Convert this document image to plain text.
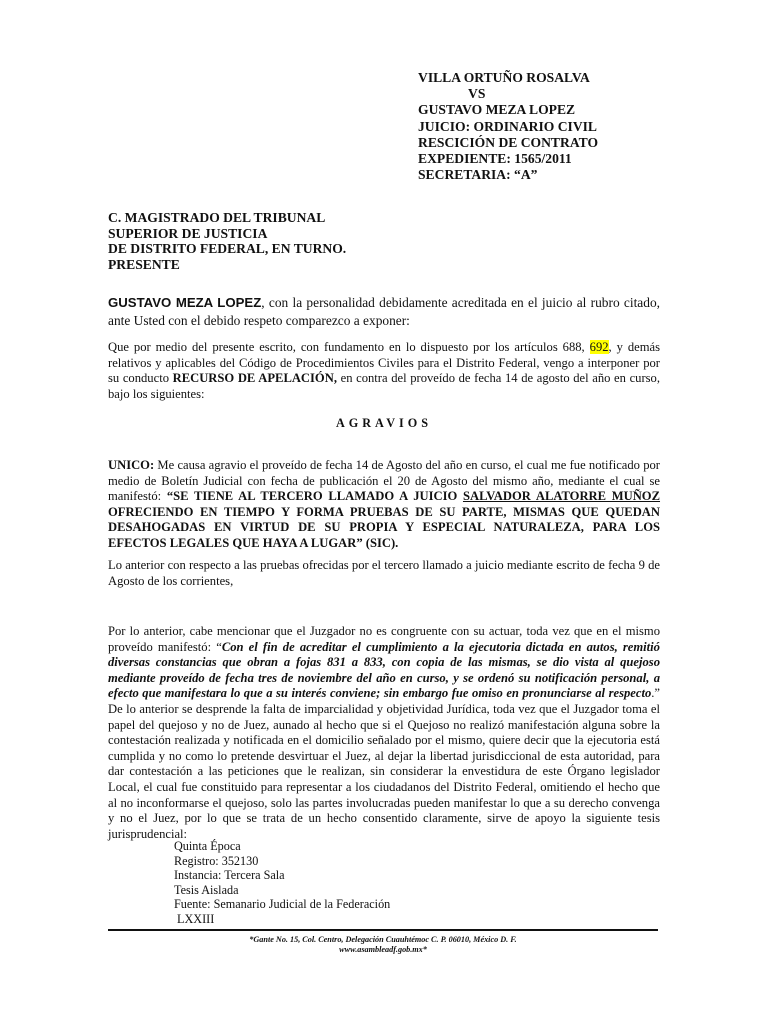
VILLA ORTUÑO ROSALVA
VS
GUSTAVO MEZA LOPEZ
JUICIO: ORDINARIO CIVIL
RESCICIÓN DE CONTRATO
EXPEDIENTE: 1565/2011
SECRETARIA: “A”
C. MAGISTRADO DEL TRIBUNAL
SUPERIOR DE JUSTICIA
DE DISTRITO FEDERAL, EN TURNO.
PRESENTE
GUSTAVO MEZA LOPEZ, con la personalidad debidamente acreditada en el juicio al rubro citado, ante Usted con el debido respeto comparezco a exponer:
Que por medio del presente escrito, con fundamento en lo dispuesto por los artículos 688, 692, y demás relativos y aplicables del Código de Procedimientos Civiles para el Distrito Federal, vengo a interponer por su conducto RECURSO DE APELACIÓN, en contra del proveído de fecha 14 de agosto del año en curso, bajo los siguientes:
AGRAVIOS
UNICO: Me causa agravio el proveído de fecha 14 de Agosto del año en curso, el cual me fue notificado por medio de Boletín Judicial con fecha de publicación el 20 de Agosto del mismo año, mediante el cual se manifestó: “SE TIENE AL TERCERO LLAMADO A JUICIO SALVADOR ALATORRE MUÑOZ OFRECIENDO EN TIEMPO Y FORMA PRUEBAS DE SU PARTE, MISMAS QUE QUEDAN DESAHOGADAS EN VIRTUD DE SU PROPIA Y ESPECIAL NATURALEZA, PARA LOS EFECTOS LEGALES QUE HAYA A LUGAR” (SIC).
Lo anterior con respecto a las pruebas ofrecidas por el tercero llamado a juicio mediante escrito de fecha 9 de Agosto de los corrientes,
Por lo anterior, cabe mencionar que el Juzgador no es congruente con su actuar, toda vez que en el mismo proveído manifestó: “Con el fin de acreditar el cumplimiento a la ejecutoria dictada en autos, remitió diversas constancias que obran a fojas 831 a 833, con copia de las mismas, se dio vista al quejoso mediante proveído de fecha tres de noviembre del año en curso, y se ordenó su notificación personal, a efecto que manifestara lo que a su interés conviene; sin embargo fue omiso en pronunciarse al respecto.” De lo anterior se desprende la falta de imparcialidad y objetividad Jurídica, toda vez que el Juzgador toma el papel del quejoso y no de Juez, aunado al hecho que si el Quejoso no realizó manifestación alguna sobre la contestación realizada y notificada en el domicilio señalado por el mismo, quiere decir que la ejecutoria está cumplida y no como lo pretende desvirtuar el Juez, al dejar la libertad jurisdiccional de esta autoridad, para dar contestación a las peticiones que le realizan, sin considerar la envestidura de este Órgano legislador Local, el cual fue constituido para representar a los ciudadanos del Distrito Federal, omitiendo el hecho que al no inconformarse el quejoso, solo las partes involucradas pueden manifestar lo que a su derecho convenga y no el Juez, por lo que se trata de un hecho consentido claramente, sirve de apoyo la siguiente tesis jurisprudencial:
Quinta Época
Registro: 352130
Instancia: Tercera Sala
Tesis Aislada
Fuente: Semanario Judicial de la Federación
LXXIII
*Gante No. 15, Col. Centro, Delegación Cuauhtémoc C. P. 06010, México D. F.
www.asambleadf.gob.mx*
